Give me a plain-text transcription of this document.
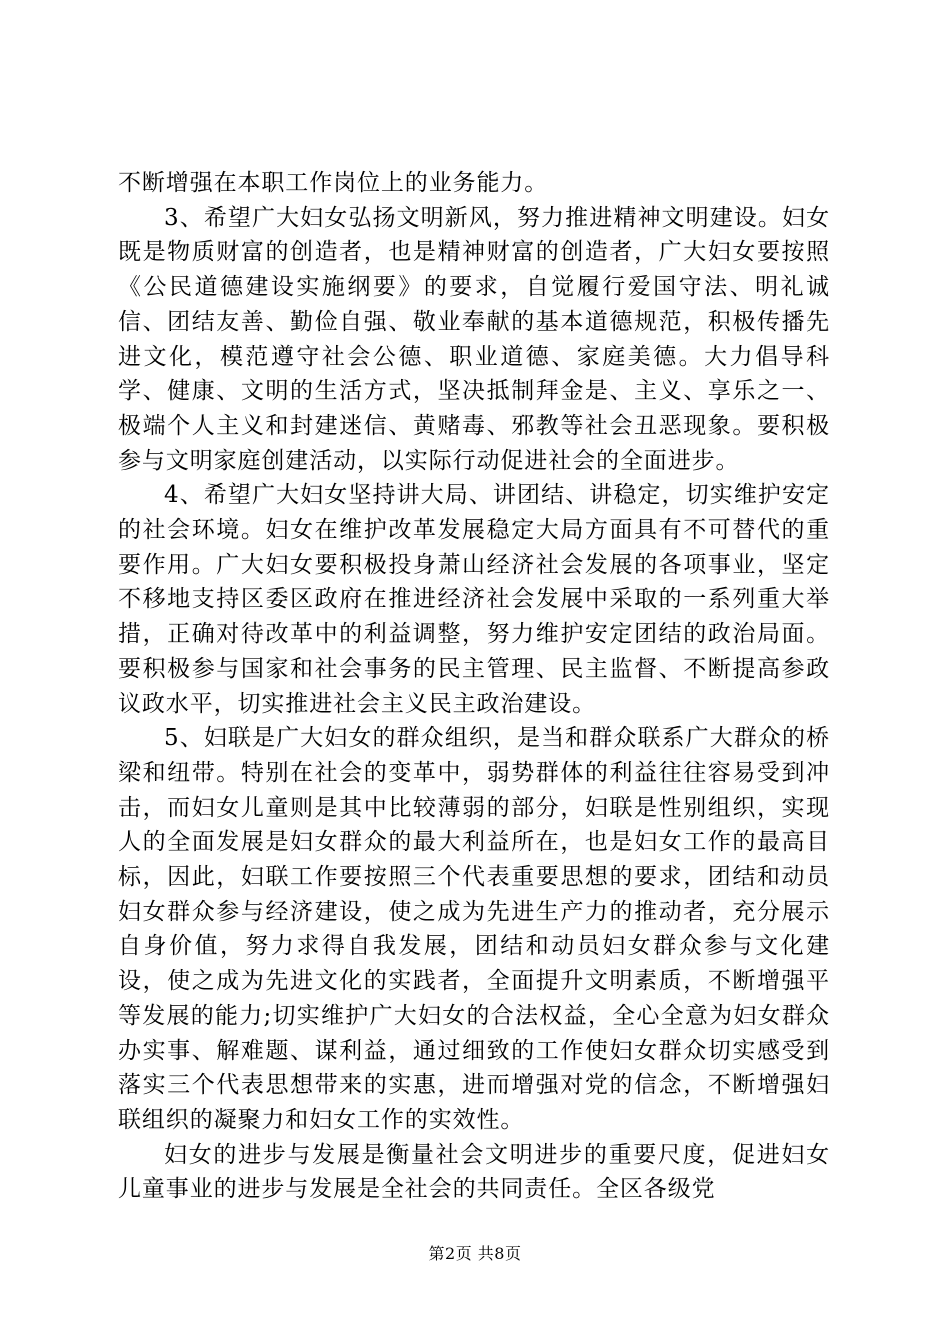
不断增强在本职工作岗位上的业务能力。

3、希望广大妇女弘扬文明新风，努力推进精神文明建设。妇女既是物质财富的创造者，也是精神财富的创造者，广大妇女要按照《公民道德建设实施纲要》的要求，自觉履行爱国守法、明礼诚信、团结友善、勤俭自强、敬业奉献的基本道德规范，积极传播先进文化，模范遵守社会公德、职业道德、家庭美德。大力倡导科学、健康、文明的生活方式，坚决抵制拜金是、主义、享乐之一、极端个人主义和封建迷信、黄赌毒、邪教等社会丑恶现象。要积极参与文明家庭创建活动，以实际行动促进社会的全面进步。

4、希望广大妇女坚持讲大局、讲团结、讲稳定，切实维护安定的社会环境。妇女在维护改革发展稳定大局方面具有不可替代的重要作用。广大妇女要积极投身萧山经济社会发展的各项事业，坚定不移地支持区委区政府在推进经济社会发展中采取的一系列重大举措，正确对待改革中的利益调整，努力维护安定团结的政治局面。要积极参与国家和社会事务的民主管理、民主监督、不断提高参政议政水平，切实推进社会主义民主政治建设。

5、妇联是广大妇女的群众组织，是当和群众联系广大群众的桥梁和纽带。特别在社会的变革中，弱势群体的利益往往容易受到冲击，而妇女儿童则是其中比较薄弱的部分，妇联是性别组织，实现人的全面发展是妇女群众的最大利益所在，也是妇女工作的最高目标，因此，妇联工作要按照三个代表重要思想的要求，团结和动员妇女群众参与经济建设，使之成为先进生产力的推动者，充分展示自身价值，努力求得自我发展，团结和动员妇女群众参与文化建设，使之成为先进文化的实践者，全面提升文明素质，不断增强平等发展的能力;切实维护广大妇女的合法权益，全心全意为妇女群众办实事、解难题、谋利益，通过细致的工作使妇女群众切实感受到落实三个代表思想带来的实惠，进而增强对党的信念，不断增强妇联组织的凝聚力和妇女工作的实效性。

妇女的进步与发展是衡量社会文明进步的重要尺度，促进妇女儿童事业的进步与发展是全社会的共同责任。全区各级党

第2页 共8页
